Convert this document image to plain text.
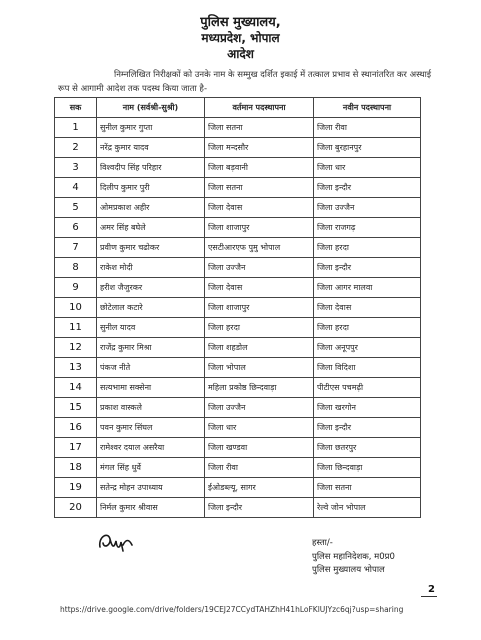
पुलिस मुख्यालय,
मध्यप्रदेश, भोपाल
आदेश
निम्नलिखित निरीक्षकों को उनके नाम के सम्मुख दर्शित इकाई में तत्काल प्रभाव से स्थानांतरित कर अस्थाई रूप से आगामी आदेश तक पदस्थ किया जाता है-
सक	नाम (सर्वश्री-सुश्री)	वर्तमान पदस्थापना	नवीन पदस्थापना
1	सुनील कुमार गुप्ता	जिला सतना	जिला रीवा
2	नरेंद्र कुमार यादव	जिला मन्दसौर	जिला बुरहानपुर
3	विश्वदीप सिंह परिहार	जिला बड़वानी	जिला धार
4	दिलीप कुमार पुरी	जिला सतना	जिला इन्दौर
5	ओमप्रकाश अहीर	जिला देवास	जिला उज्जैन
6	अमर सिंह बघेले	जिला शाजापुर	जिला राजगढ़
7	प्रवीण कुमार चढोकर	एसटीआरएफ पुमु भोपाल	जिला हरदा
8	राकेश मोदी	जिला उज्जैन	जिला इन्दौर
9	हरीश जैजुरकर	जिला देवास	जिला आगर मालवा
10	छोटेलाल कटारे	जिला शाजापुर	जिला देवास
11	सुनील यादव	जिला हरदा	जिला हरदा
12	राजेंद्र कुमार मिश्रा	जिला शहडोल	जिला अनूपपुर
13	पंकज नीते	जिला भोपाल	जिला विदिशा
14	सत्यभामा सक्सेना	महिला प्रकोष्ठ छिन्दवाड़ा	पीटीएस पचमढ़ी
15	प्रकाश वास्कले	जिला उज्जैन	जिला खरगोन
16	पवन कुमार सिंघल	जिला धार	जिला इन्दौर
17	रामेश्वर दयाल असरैया	जिला खण्डवा	जिला छतरपुर
18	मंगल सिंह धुर्वे	जिला रीवा	जिला छिन्दवाड़ा
19	सतेन्द्र मोहन उपाध्याय	ईओडब्ल्यू, सागर	जिला सतना
20	निर्मल कुमार श्रीवास	जिला इन्दौर	रेल्वे जोन भोपाल
हस्ता/-
पुलिस महानिदेशक, म0प्र0
पुलिस मुख्यालय भोपाल
2
https://drive.google.com/drive/folders/19CEJ27CCydTAHZhH41hLoFKlUJYzc6qj?usp=sharing
